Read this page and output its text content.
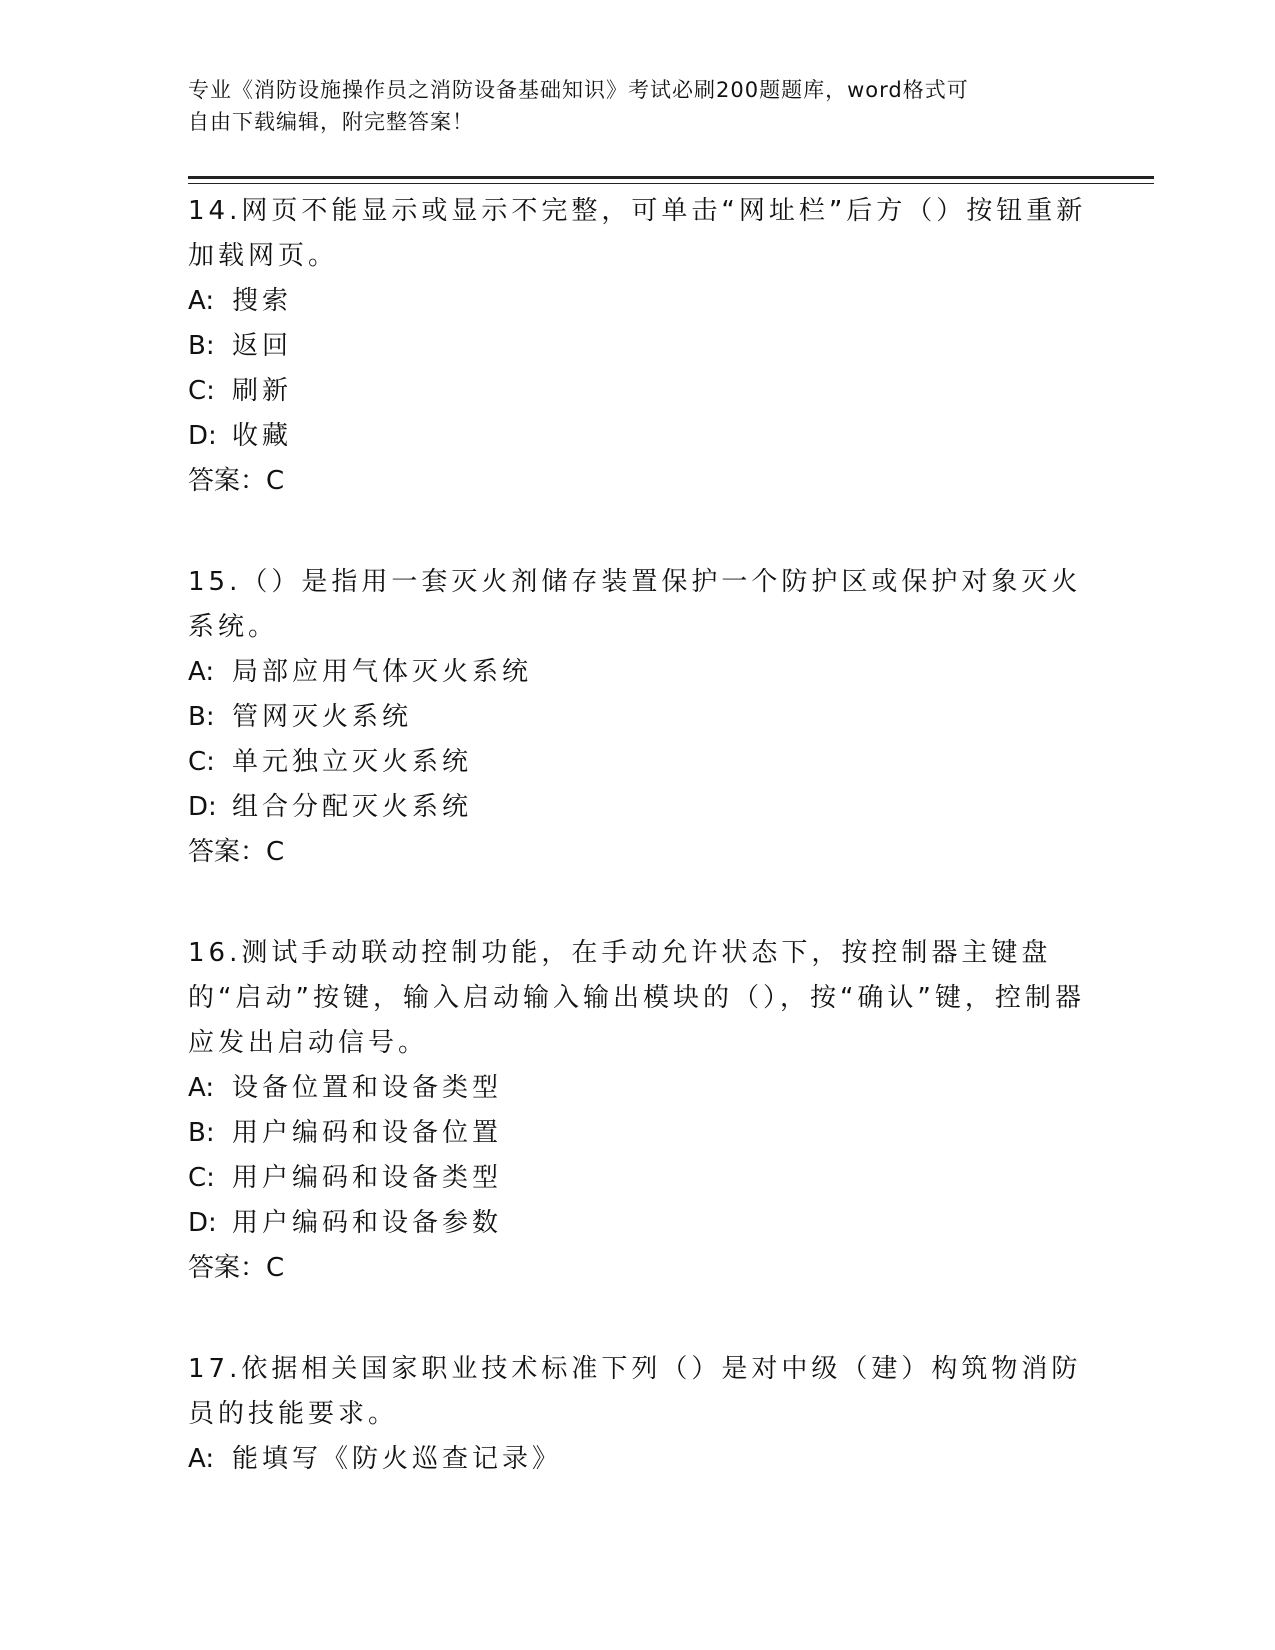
专业《消防设施操作员之消防设备基础知识》考试必刷200题题库，word格式可
自由下载编辑，附完整答案！
14.网页不能显示或显示不完整，可单击“网址栏”后方（）按钮重新加载网页。
A: 搜索
B: 返回
C: 刷新
D: 收藏
答案：C
15.（）是指用一套灭火剂储存装置保护一个防护区或保护对象灭火系统。
A: 局部应用气体灭火系统
B: 管网灭火系统
C: 单元独立灭火系统
D: 组合分配灭火系统
答案：C
16.测试手动联动控制功能，在手动允许状态下，按控制器主键盘的“启动”按键，输入启动输入输出模块的（），按“确认”键，控制器应发出启动信号。
A: 设备位置和设备类型
B: 用户编码和设备位置
C: 用户编码和设备类型
D: 用户编码和设备参数
答案：C
17.依据相关国家职业技术标准下列（）是对中级（建）构筑物消防员的技能要求。
A: 能填写《防火巡查记录》
